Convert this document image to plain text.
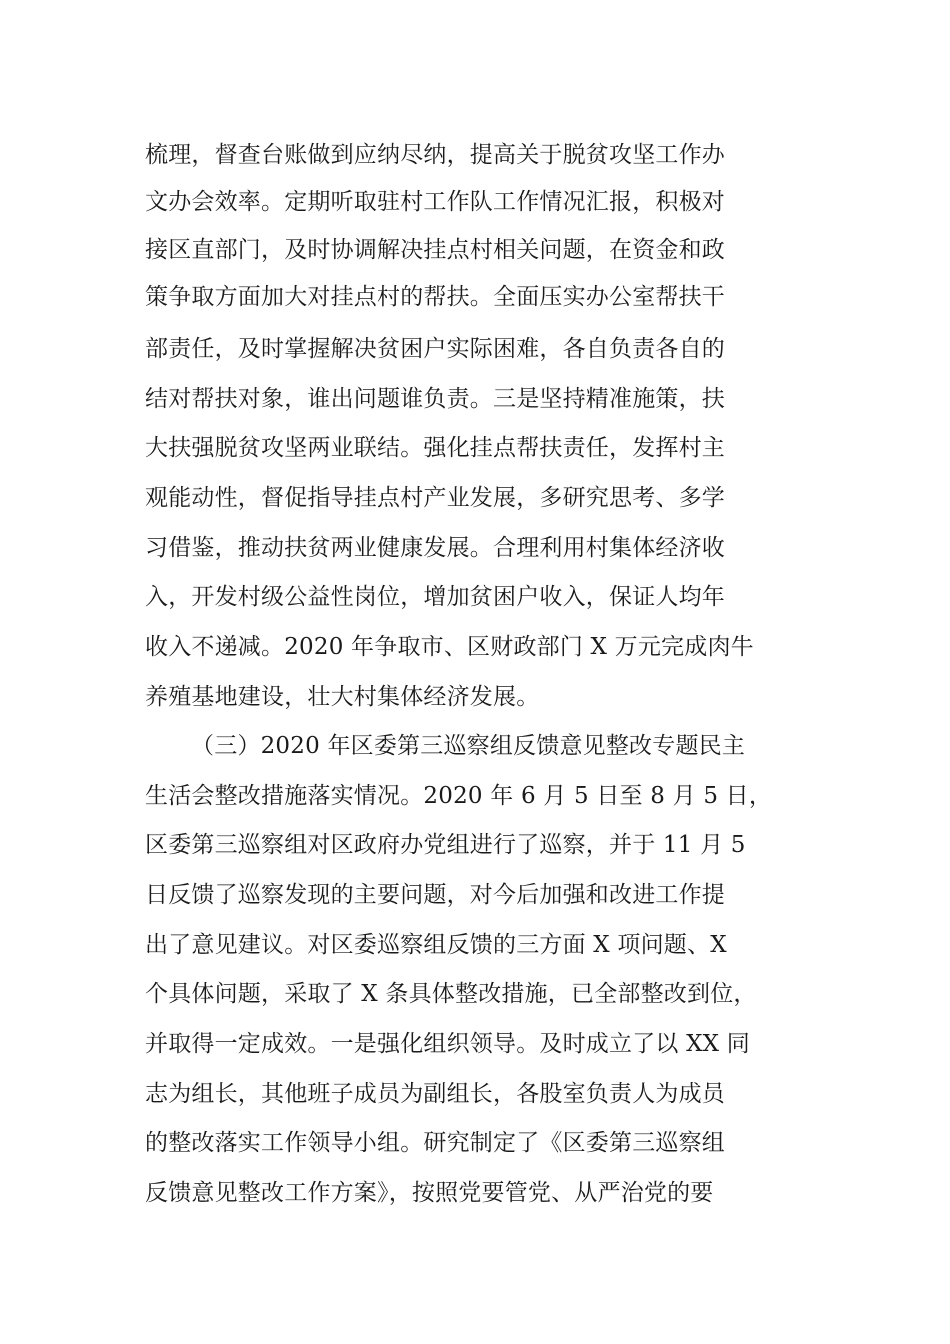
梳理，督查台账做到应纳尽纳，提高关于脱贫攻坚工作办
文办会效率。定期听取驻村工作队工作情况汇报，积极对
接区直部门，及时协调解决挂点村相关问题，在资金和政
策争取方面加大对挂点村的帮扶。全面压实办公室帮扶干
部责任，及时掌握解决贫困户实际困难，各自负责各自的
结对帮扶对象，谁出问题谁负责。三是坚持精准施策，扶
大扶强脱贫攻坚两业联结。强化挂点帮扶责任，发挥村主
观能动性，督促指导挂点村产业发展，多研究思考、多学
习借鉴，推动扶贫两业健康发展。合理利用村集体经济收
入，开发村级公益性岗位，增加贫困户收入，保证人均年
收入不递减。2020 年争取市、区财政部门 X 万元完成肉牛
养殖基地建设，壮大村集体经济发展。
（三）2020 年区委第三巡察组反馈意见整改专题民主
生活会整改措施落实情况。2020 年 6 月 5 日至 8 月 5 日，
区委第三巡察组对区政府办党组进行了巡察，并于 11 月 5
日反馈了巡察发现的主要问题，对今后加强和改进工作提
出了意见建议。对区委巡察组反馈的三方面 X 项问题、X
个具体问题，采取了 X 条具体整改措施，已全部整改到位，
并取得一定成效。一是强化组织领导。及时成立了以 XX 同
志为组长，其他班子成员为副组长，各股室负责人为成员
的整改落实工作领导小组。研究制定了《区委第三巡察组
反馈意见整改工作方案》，按照党要管党、从严治党的要
